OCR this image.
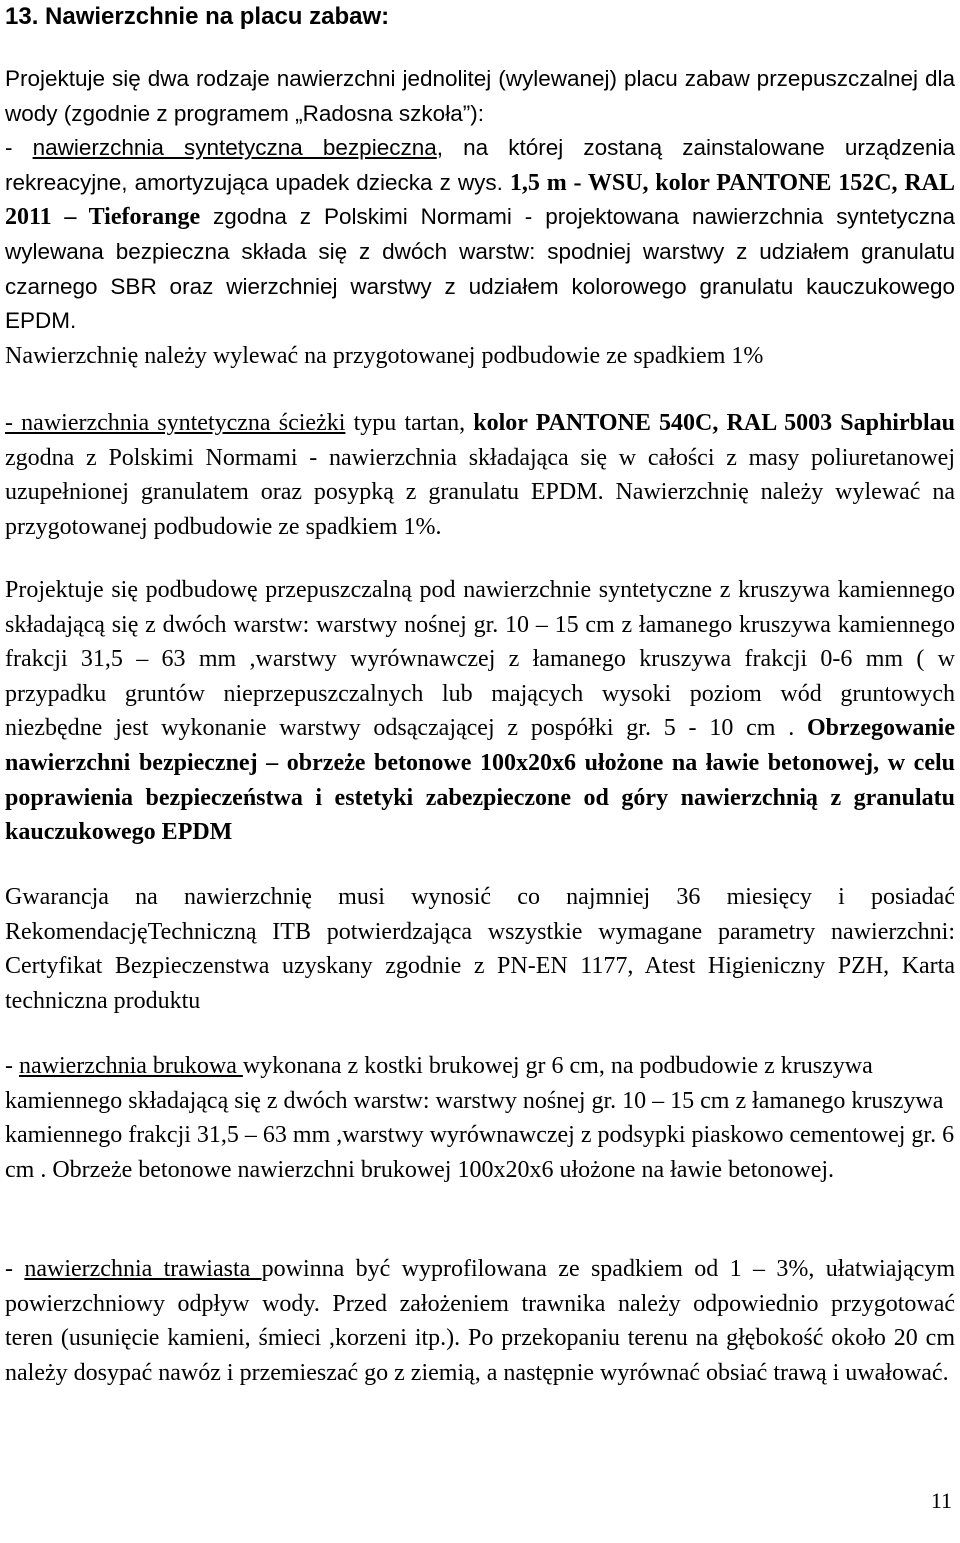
13. Nawierzchnie na placu zabaw:
Projektuje się dwa rodzaje nawierzchni jednolitej (wylewanej) placu zabaw przepuszczalnej dla wody (zgodnie z programem „Radosna szkoła”):
- nawierzchnia syntetyczna bezpieczna, na której zostaną zainstalowane urządzenia rekreacyjne, amortyzująca upadek dziecka z wys. 1,5 m - WSU, kolor PANTONE 152C, RAL 2011 – Tieforange zgodna z Polskimi Normami - projektowana nawierzchnia syntetyczna wylewana bezpieczna składa się z dwóch warstw: spodniej warstwy z udziałem granulatu czarnego SBR oraz wierzchniej warstwy z udziałem kolorowego granulatu kauczukowego EPDM.
Nawierzchnię należy wylewać na przygotowanej podbudowie ze spadkiem 1%
- nawierzchnia syntetyczna ścieżki typu tartan, kolor PANTONE 540C, RAL 5003 Saphirblau zgodna z Polskimi Normami - nawierzchnia składająca się w całości z masy poliuretanowej uzupełnionej granulatem oraz posypką z granulatu EPDM. Nawierzchnię należy wylewać na przygotowanej podbudowie ze spadkiem 1%.
Projektuje się podbudowę przepuszczalną pod nawierzchnie syntetyczne z kruszywa kamiennego składającą się z dwóch warstw: warstwy nośnej gr. 10 – 15 cm z łamanego kruszywa kamiennego frakcji 31,5 – 63 mm ,warstwy wyrównawczej z łamanego kruszywa frakcji 0-6 mm ( w przypadku gruntów nieprzepuszczalnych lub mających wysoki poziom wód gruntowych niezbędne jest wykonanie warstwy odsączającej z pospółki gr. 5 - 10 cm . Obrzegowanie nawierzchni bezpiecznej – obrzeże betonowe 100x20x6 ułożone na ławie betonowej, w celu poprawienia bezpieczeństwa i estetyki zabezpieczone od góry nawierzchnią z granulatu kauczukowego EPDM
Gwarancja na nawierzchnię musi wynosić co najmniej 36 miesięcy i posiadać RekomendacjęTechniczną ITB potwierdzająca wszystkie wymagane parametry nawierzchni: Certyfikat Bezpieczenstwa uzyskany zgodnie z PN-EN 1177, Atest Higieniczny PZH, Karta techniczna produktu
- nawierzchnia brukowa wykonana z kostki brukowej gr 6 cm, na podbudowie z kruszywa kamiennego składającą się z dwóch warstw: warstwy nośnej gr. 10 – 15 cm z łamanego kruszywa kamiennego frakcji 31,5 – 63 mm ,warstwy wyrównawczej z podsypki piaskowo cementowej gr. 6 cm . Obrzeże betonowe nawierzchni brukowej 100x20x6 ułożone na ławie betonowej.
- nawierzchnia trawiasta powinna być wyprofilowana ze spadkiem od 1 – 3%, ułatwiającym powierzchniowy odpływ wody. Przed założeniem trawnika należy odpowiednio przygotować teren (usunięcie kamieni, śmieci ,korzeni itp.). Po przekopaniu terenu na głębokość około 20 cm należy dosypać nawóz i przemieszać go z ziemią, a następnie wyrównać obsiać trawą i uwałować.
11
